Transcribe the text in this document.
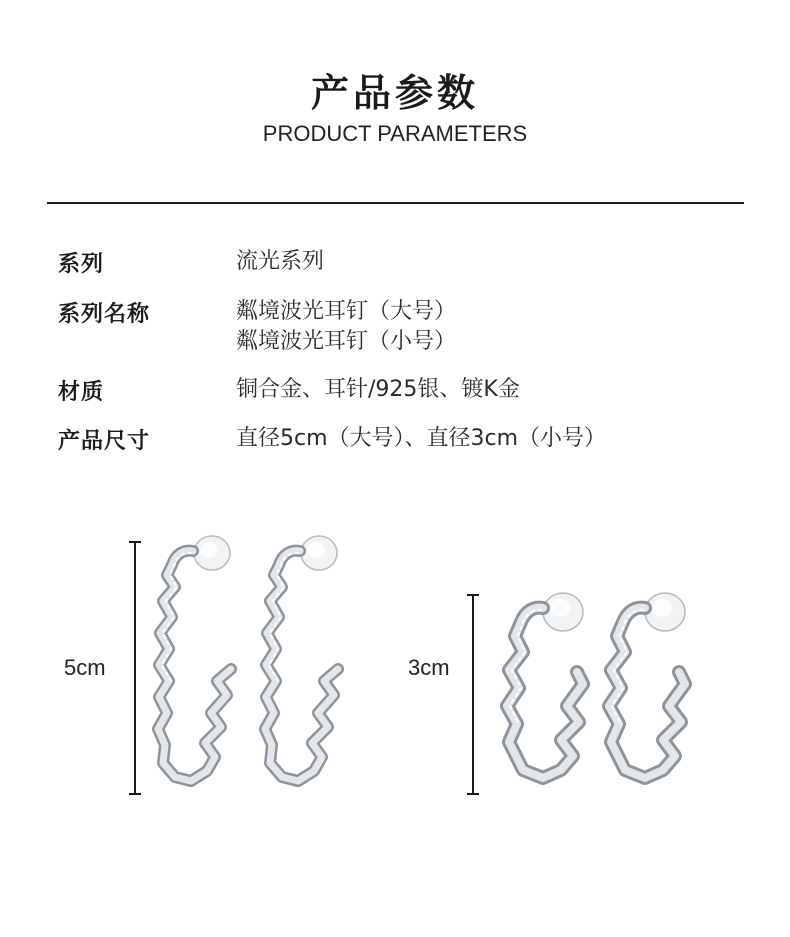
产品参数
PRODUCT PARAMETERS
系列	流光系列
系列名称	粼境波光耳钉（大号）
粼境波光耳钉（小号）
材质	铜合金、耳针/925银、镀K金
产品尺寸	直径5cm（大号）、直径3cm（小号）
5cm	3cm
